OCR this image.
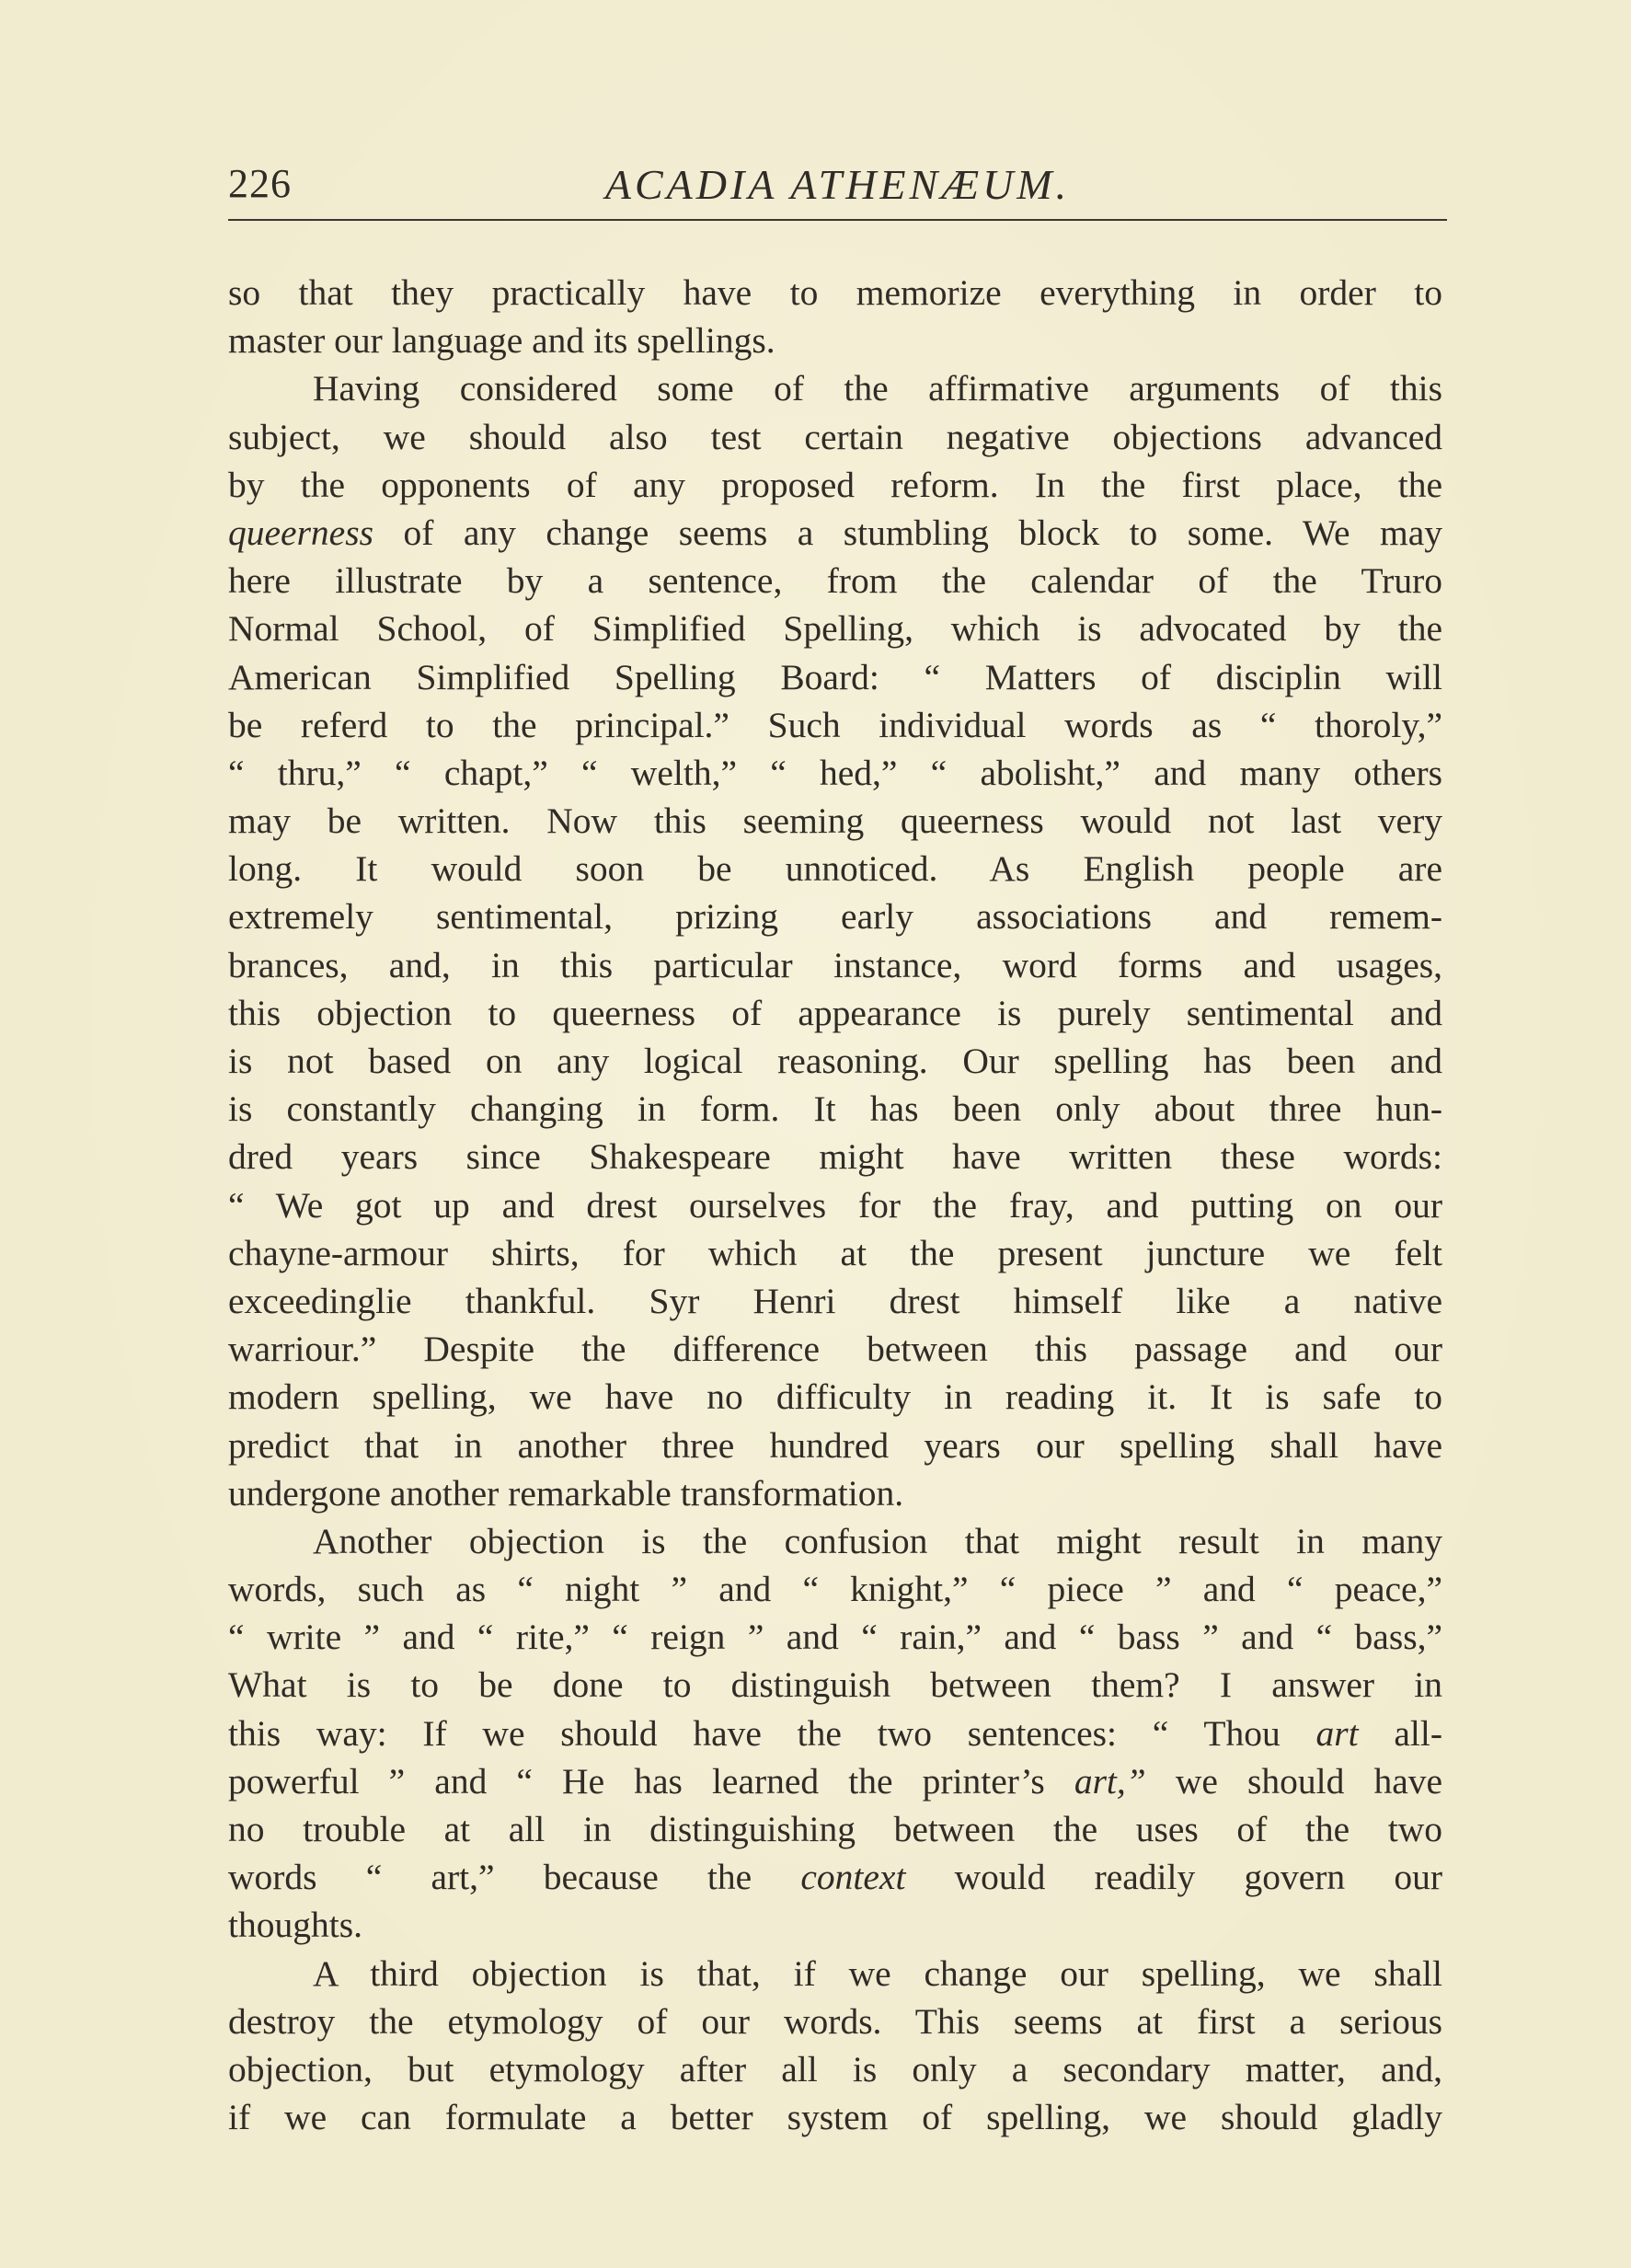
226	ACADIA ATHENÆUM.
so that they practically have to memorize everything in order to
master our language and its spellings.
Having considered some of the affirmative arguments of this
subject, we should also test certain negative objections advanced
by the opponents of any proposed reform. In the first place, the
queerness of any change seems a stumbling block to some. We may
here illustrate by a sentence, from the calendar of the Truro
Normal School, of Simplified Spelling, which is advocated by the
American Simplified Spelling Board: “ Matters of disciplin will
be referd to the principal.” Such individual words as “ thoroly,”
“ thru,” “ chapt,” “ welth,” “ hed,” “ abolisht,” and many others
may be written. Now this seeming queerness would not last very
long. It would soon be unnoticed. As English people are
extremely sentimental, prizing early associations and remem-
brances, and, in this particular instance, word forms and usages,
this objection to queerness of appearance is purely sentimental and
is not based on any logical reasoning. Our spelling has been and
is constantly changing in form. It has been only about three hun-
dred years since Shakespeare might have written these words:
“ We got up and drest ourselves for the fray, and putting on our
chayne-armour shirts, for which at the present juncture we felt
exceedinglie thankful. Syr Henri drest himself like a native
warriour.” Despite the difference between this passage and our
modern spelling, we have no difficulty in reading it. It is safe to
predict that in another three hundred years our spelling shall have
undergone another remarkable transformation.
Another objection is the confusion that might result in many
words, such as “ night ” and “ knight,” “ piece ” and “ peace,”
“ write ” and “ rite,” “ reign ” and “ rain,” and “ bass ” and “ bass,”
What is to be done to distinguish between them? I answer in
this way: If we should have the two sentences: “ Thou art all-
powerful ” and “ He has learned the printer’s art,” we should have
no trouble at all in distinguishing between the uses of the two
words “ art,” because the context would readily govern our
thoughts.
A third objection is that, if we change our spelling, we shall
destroy the etymology of our words. This seems at first a serious
objection, but etymology after all is only a secondary matter, and,
if we can formulate a better system of spelling, we should gladly
